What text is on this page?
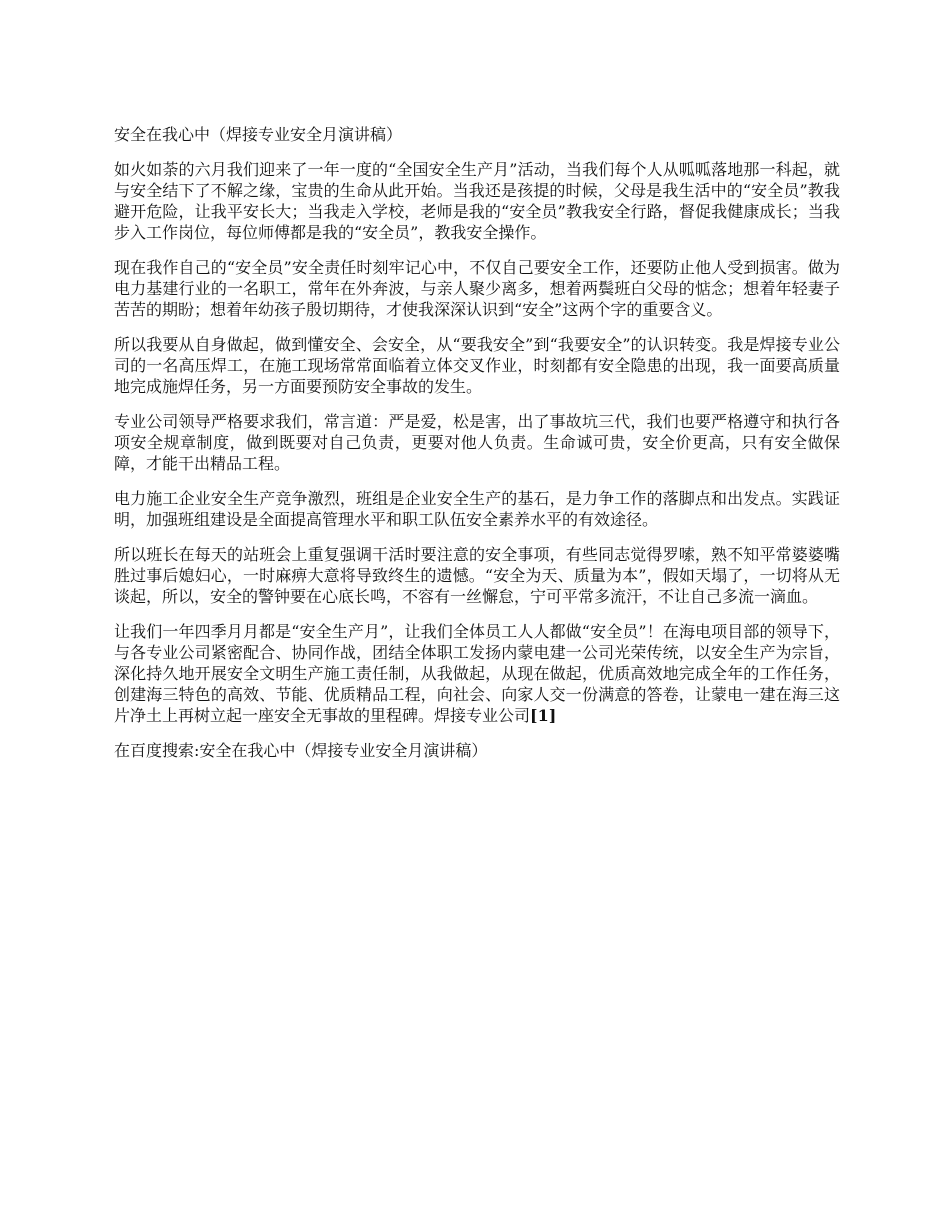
安全在我心中（焊接专业安全月演讲稿）

如火如荼的六月我们迎来了一年一度的“全国安全生产月”活动，当我们每个人从呱呱落地那一科起，就与安全结下了不解之缘，宝贵的生命从此开始。当我还是孩提的时候，父母是我生活中的“安全员”教我避开危险，让我平安长大；当我走入学校，老师是我的“安全员”教我安全行路，督促我健康成长；当我步入工作岗位，每位师傅都是我的“安全员”，教我安全操作。

现在我作自己的“安全员”安全责任时刻牢记心中，不仅自己要安全工作，还要防止他人受到损害。做为电力基建行业的一名职工，常年在外奔波，与亲人聚少离多，想着两鬓班白父母的惦念；想着年轻妻子苦苦的期盼；想着年幼孩子殷切期待，才使我深深认识到“安全”这两个字的重要含义。

所以我要从自身做起，做到懂安全、会安全，从“要我安全”到“我要安全”的认识转变。我是焊接专业公司的一名高压焊工，在施工现场常常面临着立体交叉作业，时刻都有安全隐患的出现，我一面要高质量地完成施焊任务，另一方面要预防安全事故的发生。

专业公司领导严格要求我们，常言道：严是爱，松是害，出了事故坑三代，我们也要严格遵守和执行各项安全规章制度，做到既要对自己负责，更要对他人负责。生命诚可贵，安全价更高，只有安全做保障，才能干出精品工程。

电力施工企业安全生产竞争激烈，班组是企业安全生产的基石，是力争工作的落脚点和出发点。实践证明，加强班组建设是全面提高管理水平和职工队伍安全素养水平的有效途径。

所以班长在每天的站班会上重复强调干活时要注意的安全事项，有些同志觉得罗嗦，熟不知平常婆婆嘴胜过事后媳妇心，一时麻痹大意将导致终生的遗憾。“安全为天、质量为本”，假如天塌了，一切将从无谈起，所以，安全的警钟要在心底长鸣，不容有一丝懈怠，宁可平常多流汗，不让自己多流一滴血。

让我们一年四季月月都是“安全生产月”，让我们全体员工人人都做“安全员”！在海电项目部的领导下，与各专业公司紧密配合、协同作战，团结全体职工发扬内蒙电建一公司光荣传统，以安全生产为宗旨，深化持久地开展安全文明生产施工责任制，从我做起，从现在做起，优质高效地完成全年的工作任务，创建海三特色的高效、节能、优质精品工程，向社会、向家人交一份满意的答卷，让蒙电一建在海三这片净土上再树立起一座安全无事故的里程碑。焊接专业公司[1]

在百度搜索:安全在我心中（焊接专业安全月演讲稿）
